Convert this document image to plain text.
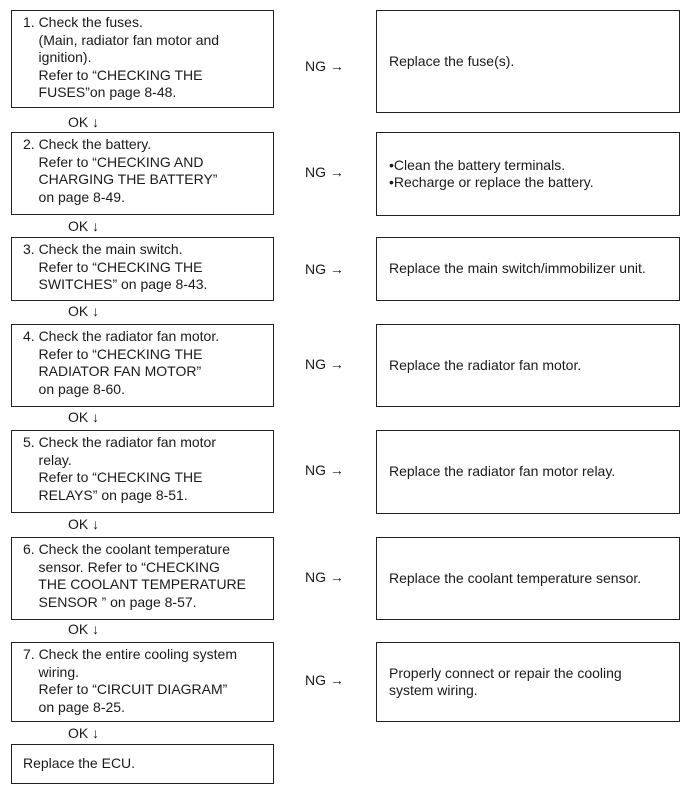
1. Check the fuses.
(Main, radiator fan motor and
ignition).
Refer to “CHECKING THE
FUSES”on page 8-48.
NG →	Replace the fuse(s).
OK ↓
2. Check the battery.
Refer to “CHECKING AND
CHARGING THE BATTERY”
on page 8-49.
NG →	•Clean the battery terminals.
•Recharge or replace the battery.
OK ↓
3. Check the main switch.
Refer to “CHECKING THE
SWITCHES” on page 8-43.
NG →	Replace the main switch/immobilizer unit.
OK ↓
4. Check the radiator fan motor.
Refer to “CHECKING THE
RADIATOR FAN MOTOR”
on page 8-60.
NG →	Replace the radiator fan motor.
OK ↓
5. Check the radiator fan motor
relay.
Refer to “CHECKING THE
RELAYS” on page 8-51.
NG →	Replace the radiator fan motor relay.
OK ↓
6. Check the coolant temperature
sensor. Refer to “CHECKING
THE COOLANT TEMPERATURE
SENSOR ” on page 8-57.
NG →	Replace the coolant temperature sensor.
OK ↓
7. Check the entire cooling system
wiring.
Refer to “CIRCUIT DIAGRAM”
on page 8-25.
NG →	Properly connect or repair the cooling
system wiring.
OK ↓
Replace the ECU.
